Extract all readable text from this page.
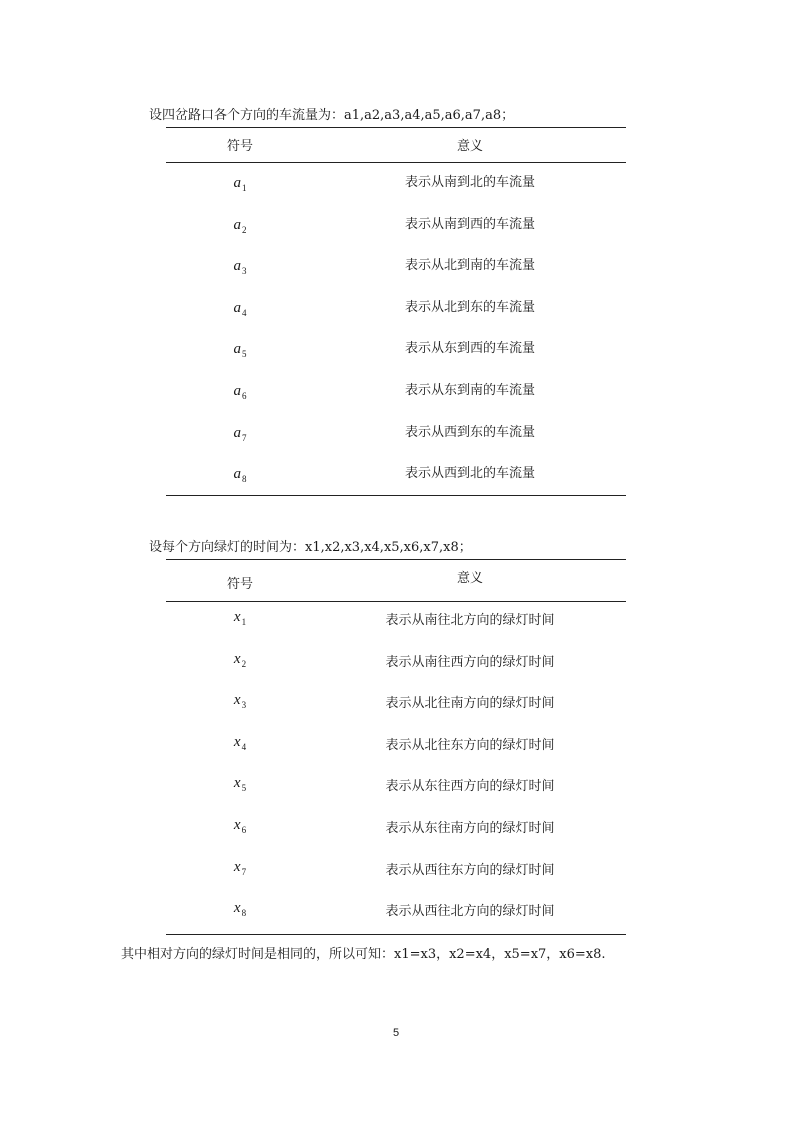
设四岔路口各个方向的车流量为：a1,a2,a3,a4,a5,a6,a7,a8；
符号	意义
$a_1$	表示从南到北的车流量
$a_2$	表示从南到西的车流量
$a_3$	表示从北到南的车流量
$a_4$	表示从北到东的车流量
$a_5$	表示从东到西的车流量
$a_6$	表示从东到南的车流量
$a_7$	表示从西到东的车流量
$a_8$	表示从西到北的车流量
设每个方向绿灯的时间为：x1,x2,x3,x4,x5,x6,x7,x8；
符号	意义
$x_1$	表示从南往北方向的绿灯时间
$x_2$	表示从南往西方向的绿灯时间
$x_3$	表示从北往南方向的绿灯时间
$x_4$	表示从北往东方向的绿灯时间
$x_5$	表示从东往西方向的绿灯时间
$x_6$	表示从东往南方向的绿灯时间
$x_7$	表示从西往东方向的绿灯时间
$x_8$	表示从西往北方向的绿灯时间
其中相对方向的绿灯时间是相同的，所以可知：x1=x3，x2=x4，x5=x7，x6=x8.
5
